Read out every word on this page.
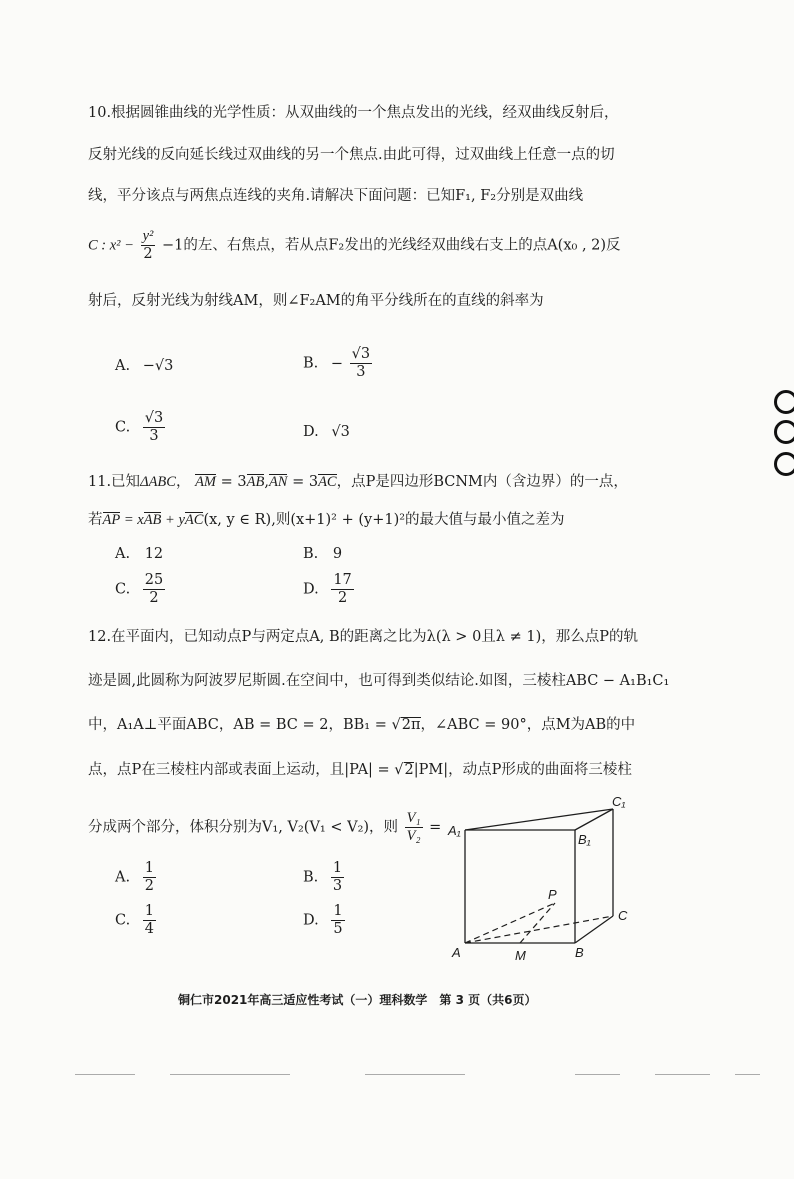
10.根据圆锥曲线的光学性质：从双曲线的一个焦点发出的光线，经双曲线反射后，
反射光线的反向延长线过双曲线的另一个焦点.由此可得，过双曲线上任意一点的切
线，平分该点与两焦点连线的夹角.请解决下面问题：已知F₁, F₂分别是双曲线
C : $x^2 - \frac{\text{y²}}{2} -1$的左、右焦点，若从点F₂发出的光线经双曲线右支上的点A(x₀ , 2)反
射后，反射光线为射线AM，则∠F₂AM的角平分线所在的直线的斜率为
A. −√3	B. − $\frac{√3}{3}$
C. $\frac{√3}{3}$	D. √3
11.已知ΔABC， AM = 3AB,AN = 3AC，点P是四边形BCNM内（含边界）的一点，
若AP = xAB + yAC(x, y ∈ R),则(x+1)² + (y+1)²的最大值与最小值之差为
A. 12	B. 9
C. $\frac{25}{2}$	D. $\frac{17}{2}$
12.在平面内，已知动点P与两定点A, B的距离之比为λ(λ > 0且λ ≠ 1)，那么点P的轨
迹是圆,此圆称为阿波罗尼斯圆.在空间中，也可得到类似结论.如图，三棱柱ABC − A₁B₁C₁
中，A₁A⊥平面ABC，AB = BC = 2，BB₁ = √2π，∠ABC = 90°，点M为AB的中
点，点P在三棱柱内部或表面上运动，且|PA| = √2|PM|，动点P形成的曲面将三棱柱
分成两个部分，体积分别为V₁, V₂(V₁ < V₂)，则 $\frac{\text{V₁}}{\text{V₂}}$ =
A. $\frac{1}{2}$	B. $\frac{1}{3}$
C. $\frac{1}{4}$	D. $\frac{1}{5}$
C₁
A₁
B₁
P
C
A	M	B
铜仁市2021年高三适应性考试（一）理科数学　第 3 页（共6页）
